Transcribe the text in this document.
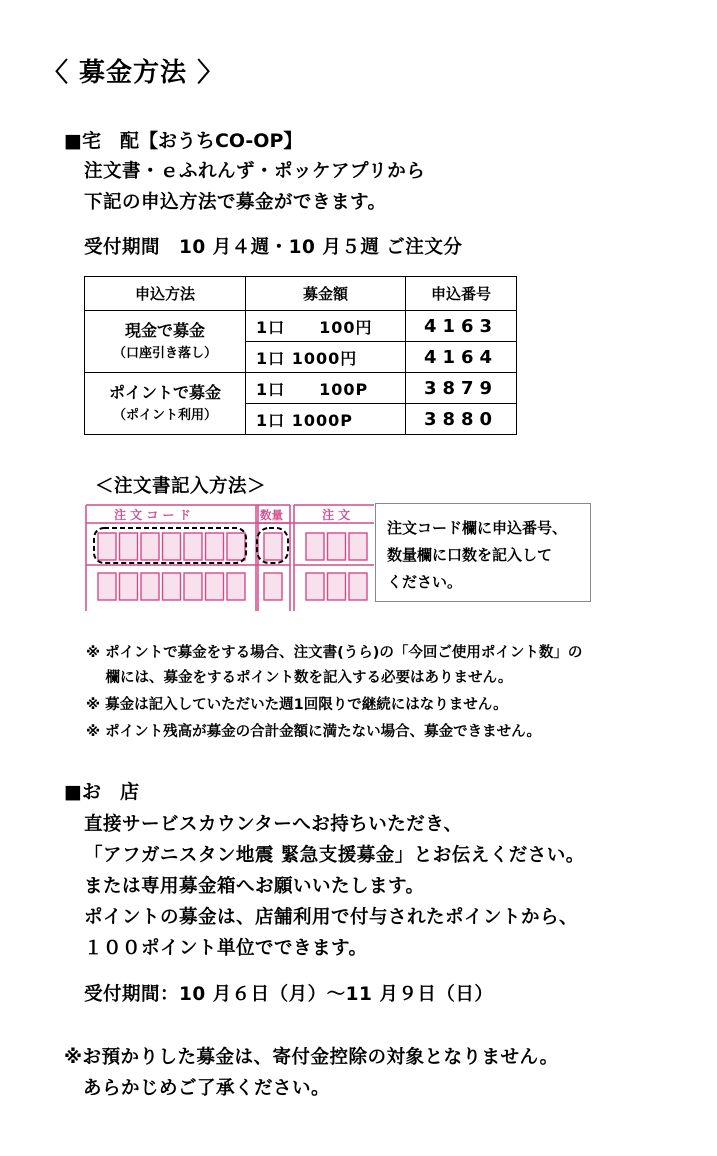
〈 募金方法 〉
■宅　配【おうちCO-OP】
注文書・ｅふれんず・ポッケアプリから
下記の申込方法で募金ができます。
受付期間　10 月４週・10 月５週 ご注文分
申込方法	募金額	申込番号

現金で募金
（口座引き落し）	1口　　100円	4163
	1口 1000円	4164

ポイントで募金
（ポイント利用）	1口　　100P	3879
	1口 1000P	3880
＜注文書記入方法＞
注 文 コ ー ド	数量	注 文
注文コード欄に申込番号、
数量欄に口数を記入して
ください。
※ ポイントで募金をする場合、注文書(うら)の「今回ご使用ポイント数」の
　 欄には、募金をするポイント数を記入する必要はありません。
※ 募金は記入していただいた週1回限りで継続にはなりません。
※ ポイント残高が募金の合計金額に満たない場合、募金できません。
■お　店
直接サービスカウンターへお持ちいただき、
「アフガニスタン地震 緊急支援募金」とお伝えください。
または専用募金箱へお願いいたします。
ポイントの募金は、店舗利用で付与されたポイントから、
１００ポイント単位でできます。
受付期間：10 月６日（月）～11 月９日（日）
※お預かりした募金は、寄付金控除の対象となりません。
　あらかじめご了承ください。
